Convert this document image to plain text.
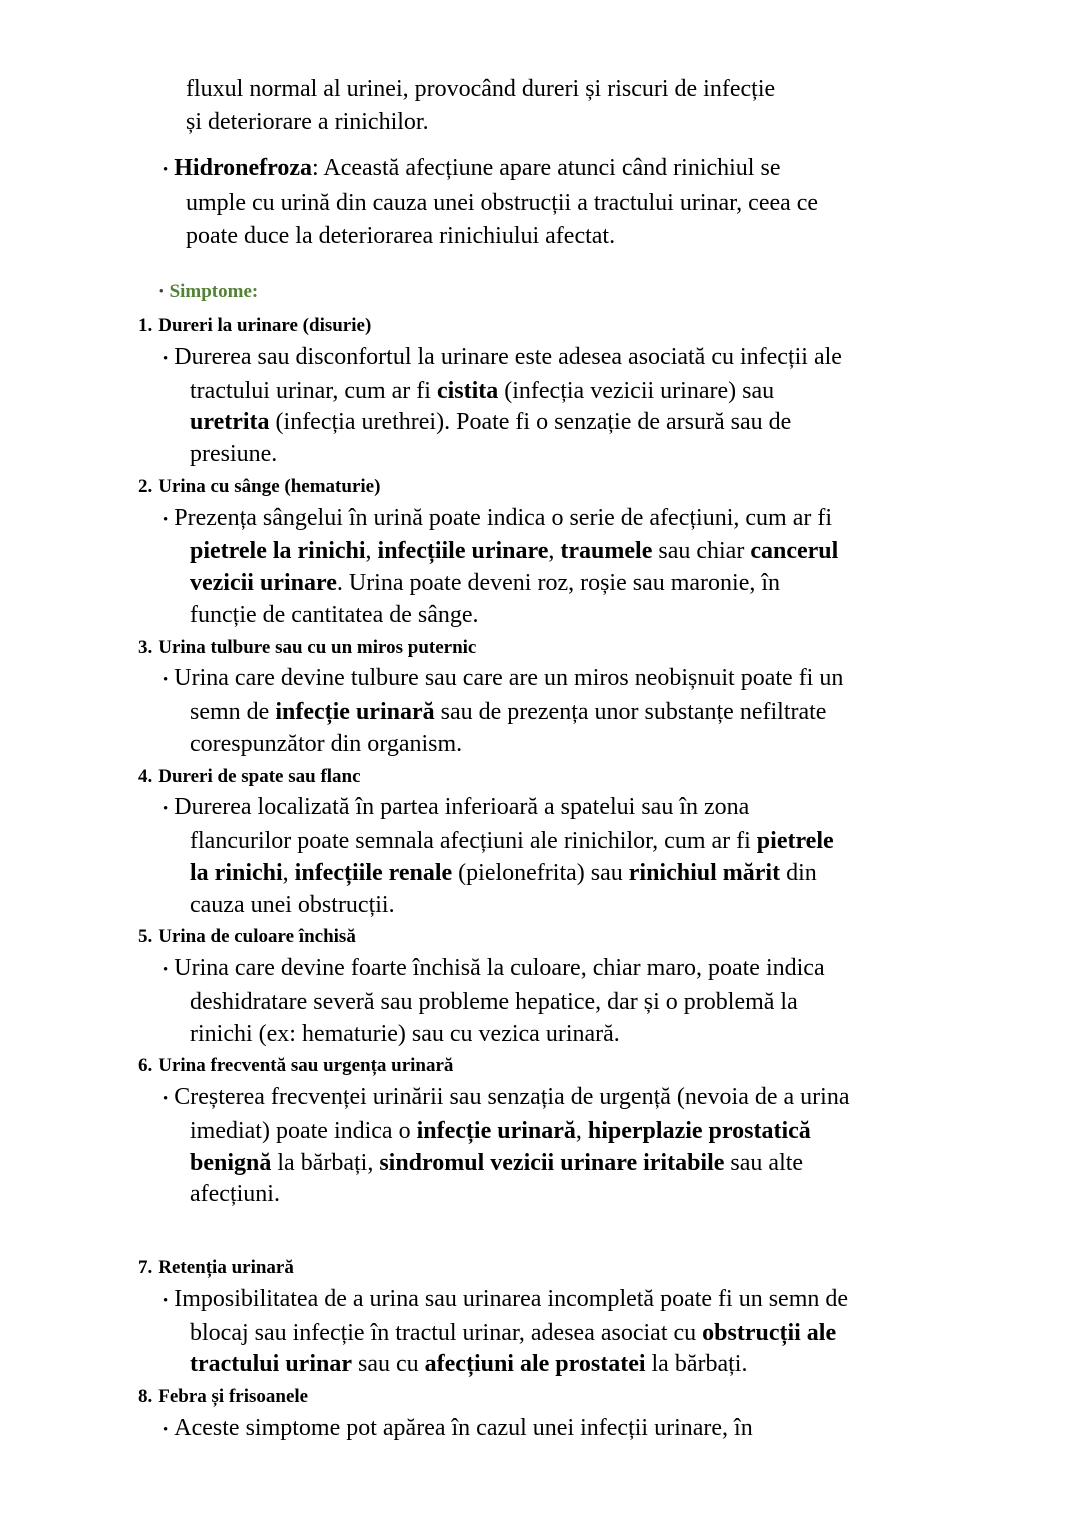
fluxul normal al urinei, provocând dureri și riscuri de infecție și deteriorare a rinichilor.

• Hidronefroza: Această afecțiune apare atunci când rinichiul se umple cu urină din cauza unei obstrucții a tractului urinar, ceea ce poate duce la deteriorarea rinichiului afectat.
• Simptome:
1. Dureri la urinare (disurie)
• Durerea sau disconfortul la urinare este adesea asociată cu infecții ale tractului urinar, cum ar fi cistita (infecția vezicii urinare) sau uretrita (infecția urethrei). Poate fi o senzație de arsură sau de presiune.
2. Urina cu sânge (hematurie)
• Prezența sângelui în urină poate indica o serie de afecțiuni, cum ar fi pietrele la rinichi, infecțiile urinare, traumele sau chiar cancerul vezicii urinare. Urina poate deveni roz, roșie sau maronie, în funcție de cantitatea de sânge.
3. Urina tulbure sau cu un miros puternic
• Urina care devine tulbure sau care are un miros neobișnuit poate fi un semn de infecție urinară sau de prezența unor substanțe nefiltrate corespunzător din organism.
4. Dureri de spate sau flanc
• Durerea localizată în partea inferioară a spatelui sau în zona flancurilor poate semnala afecțiuni ale rinichilor, cum ar fi pietrele la rinichi, infecțiile renale (pielonefrita) sau rinichiul mărit din cauza unei obstrucții.
5. Urina de culoare închisă
• Urina care devine foarte închisă la culoare, chiar maro, poate indica deshidratare severă sau probleme hepatice, dar și o problemă la rinichi (ex: hematurie) sau cu vezica urinară.
6. Urina frecventă sau urgența urinară
• Creșterea frecvenței urinării sau senzația de urgență (nevoia de a urina imediat) poate indica o infecție urinară, hiperplazie prostatică benignă la bărbați, sindromul vezicii urinare iritabile sau alte afecțiuni.
7. Retenția urinară
• Imposibilitatea de a urina sau urinarea incompletă poate fi un semn de blocaj sau infecție în tractul urinar, adesea asociat cu obstrucții ale tractului urinar sau cu afecțiuni ale prostatei la bărbați.
8. Febra și frisoanele
• Aceste simptome pot apărea în cazul unei infecții urinare, în
